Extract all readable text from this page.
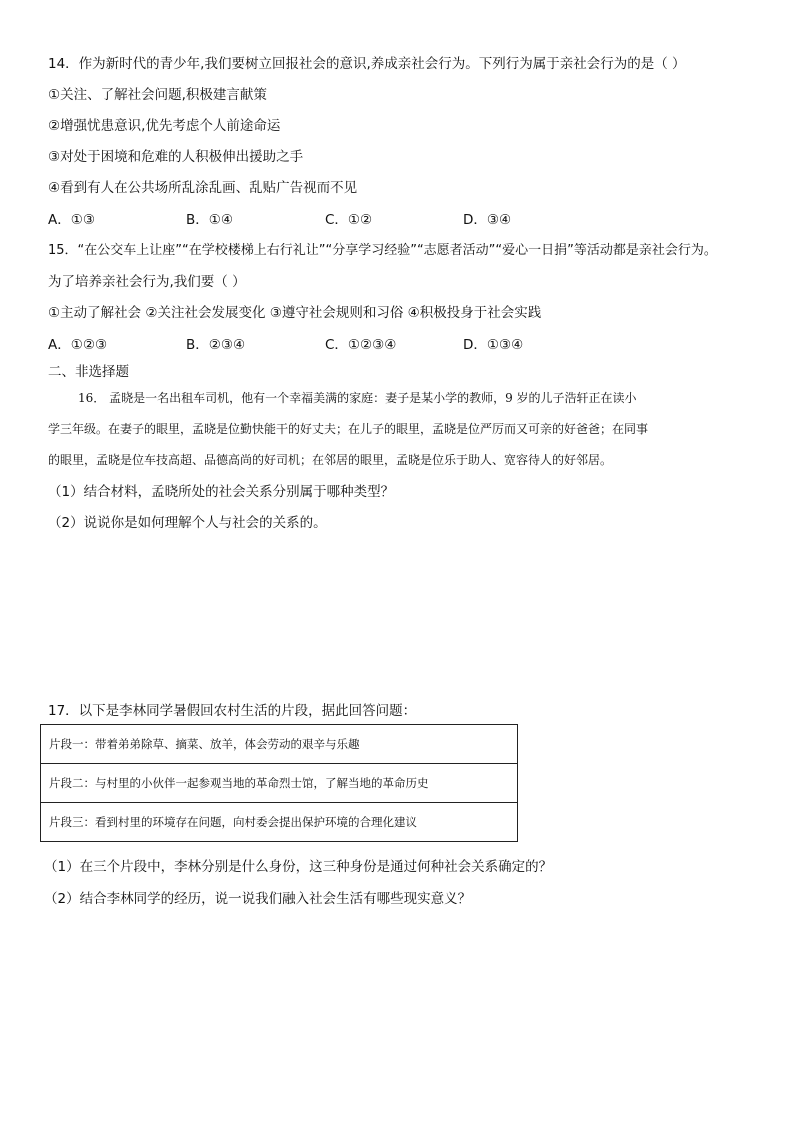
14．作为新时代的青少年,我们要树立回报社会的意识,养成亲社会行为。下列行为属于亲社会行为的是（ ）
①关注、了解社会问题,积极建言献策
②增强忧患意识,优先考虑个人前途命运
③对处于困境和危难的人积极伸出援助之手
④看到有人在公共场所乱涂乱画、乱贴广告视而不见
A．①③	B．①④	C．①②	D．③④
15．“在公交车上让座”“在学校楼梯上右行礼让”“分享学习经验”“志愿者活动”“爱心一日捐”等活动都是亲社会行为。
为了培养亲社会行为,我们要（ ）
①主动了解社会 ②关注社会发展变化 ③遵守社会规则和习俗 ④积极投身于社会实践
A．①②③	B．②③④	C．①②③④	D．①③④
二、非选择题
16． 孟晓是一名出租车司机，他有一个幸福美满的家庭：妻子是某小学的教师，9 岁的儿子浩轩正在读小
学三年级。在妻子的眼里，孟晓是位勤快能干的好丈夫；在儿子的眼里，孟晓是位严厉而又可亲的好爸爸；在同事
的眼里，孟晓是位车技高超、品德高尚的好司机；在邻居的眼里，孟晓是位乐于助人、宽容待人的好邻居。
（1）结合材料，孟晓所处的社会关系分别属于哪种类型？
（2）说说你是如何理解个人与社会的关系的。
17．以下是李林同学暑假回农村生活的片段，据此回答问题：
片段一：带着弟弟除草、摘菜、放羊，体会劳动的艰辛与乐趣
片段二：与村里的小伙伴一起参观当地的革命烈士馆，了解当地的革命历史
片段三：看到村里的环境存在问题，向村委会提出保护环境的合理化建议
（1）在三个片段中，李林分别是什么身份，这三种身份是通过何种社会关系确定的？
（2）结合李林同学的经历，说一说我们融入社会生活有哪些现实意义？
